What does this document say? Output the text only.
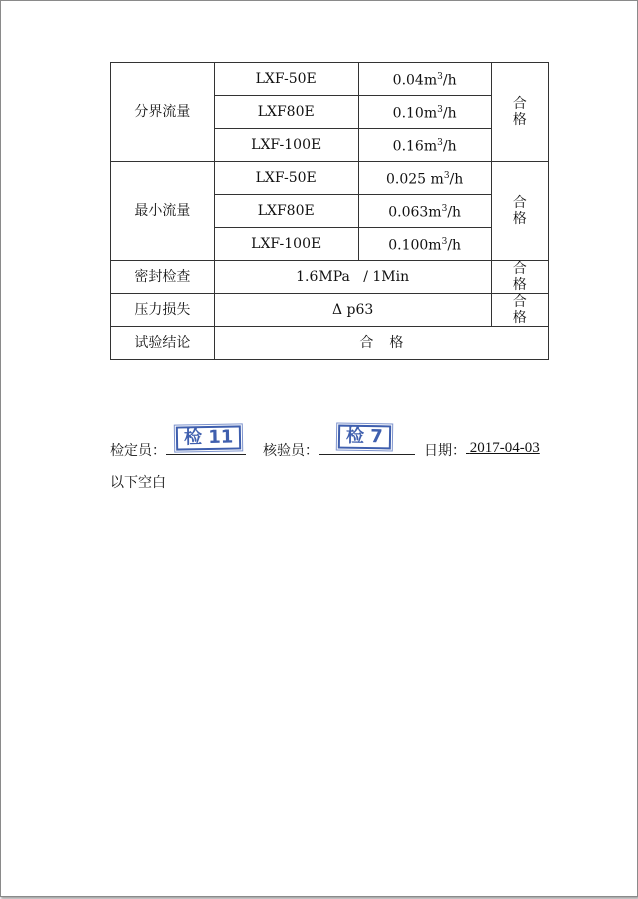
分界流量	LXF-50E	$0.04m^3/h$	合格
	LXF80E	$0.10m^3/h$	
	LXF-100E	$0.16m^3/h$	
最小流量	LXF-50E	0.025 $m^3/h$	合格
	LXF80E	$0.063m^3/h$	
	LXF-100E	$0.100m^3/h$	
密封检查	1.6MPa   / 1Min		合格
压力损失	Δ p63		合格
试验结论	合格		
检定员：
检 11
核验员：
检 7
日期： 2017-04-03
以下空白
